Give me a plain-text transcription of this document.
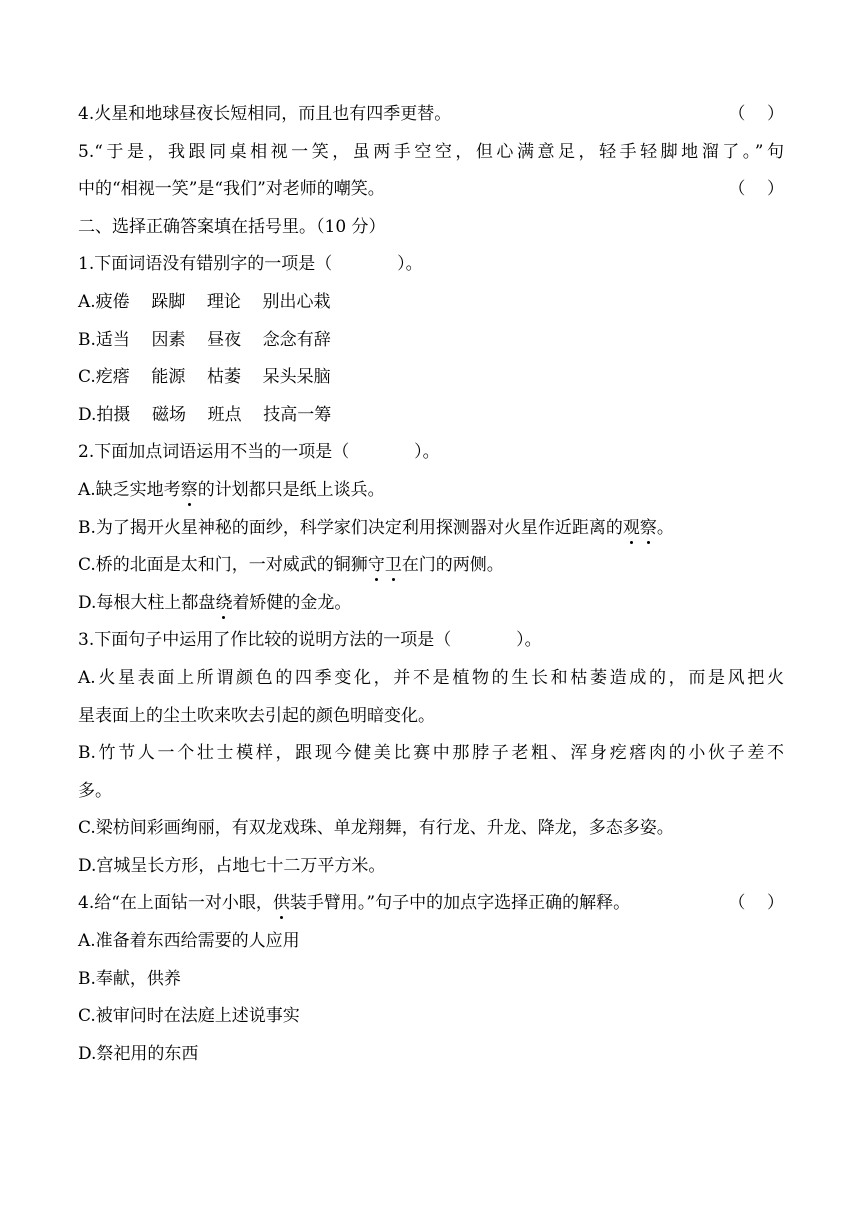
4.火星和地球昼夜长短相同，而且也有四季更替。	（    ）
5.“于是，我跟同桌相视一笑，虽两手空空，但心满意足，轻手轻脚地溜了。”句
中的“相视一笑”是“我们”对老师的嘲笑。	（    ）
二、选择正确答案填在括号里。（10 分）
1.下面词语没有错别字的一项是（            ）。
A.疲倦    跺脚    理论    别出心栽
B.适当    因素    昼夜    念念有辞
C.疙瘩    能源    枯萎    呆头呆脑
D.拍摄    磁场    班点    技高一筹
2.下面加点词语运用不当的一项是（            ）。
A.缺乏实地考察的计划都只是纸上谈兵。
B.为了揭开火星神秘的面纱，科学家们决定利用探测器对火星作近距离的观察。
C.桥的北面是太和门，一对威武的铜狮守卫在门的两侧。
D.每根大柱上都盘绕着矫健的金龙。
3.下面句子中运用了作比较的说明方法的一项是（            ）。
A.火星表面上所谓颜色的四季变化，并不是植物的生长和枯萎造成的，而是风把火
星表面上的尘土吹来吹去引起的颜色明暗变化。
B.竹节人一个壮士模样，跟现今健美比赛中那脖子老粗、浑身疙瘩肉的小伙子差不
多。
C.梁枋间彩画绚丽，有双龙戏珠、单龙翔舞，有行龙、升龙、降龙，多态多姿。
D.宫城呈长方形，占地七十二万平方米。
4.给“在上面钻一对小眼，供装手臂用。”句子中的加点字选择正确的解释。	（    ）
A.准备着东西给需要的人应用
B.奉献，供养
C.被审问时在法庭上述说事实
D.祭祀用的东西
